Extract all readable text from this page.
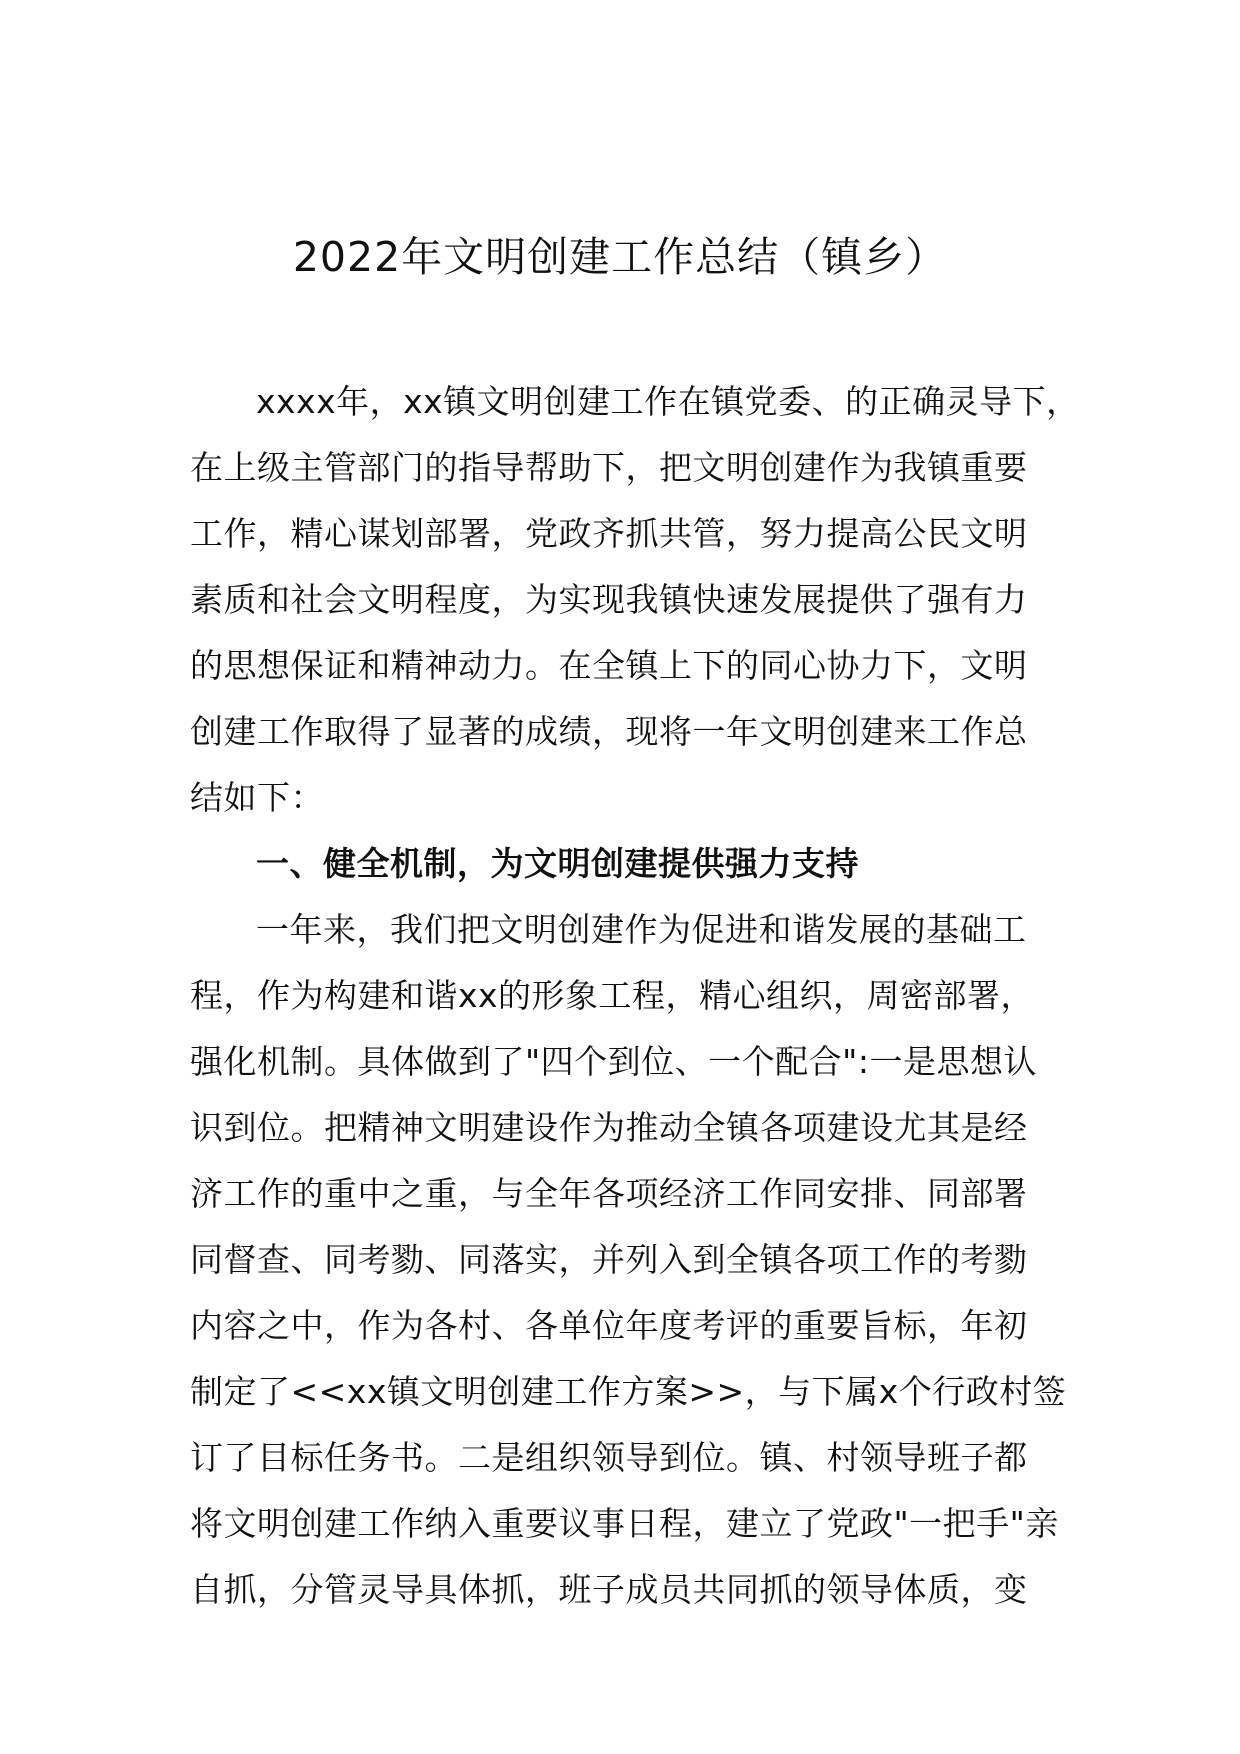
2022年文明创建工作总结（镇乡）
xxxx年，xx镇文明创建工作在镇党委、的正确灵导下，
在上级主管部门的指导帮助下，把文明创建作为我镇重要
工作，精心谋划部署，党政齐抓共管，努力提高公民文明
素质和社会文明程度，为实现我镇快速发展提供了强有力
的思想保证和精神动力。在全镇上下的同心协力下，文明
创建工作取得了显著的成绩，现将一年文明创建来工作总
结如下：
一、健全机制，为文明创建提供强力支持
一年来，我们把文明创建作为促进和谐发展的基础工
程，作为构建和谐xx的形象工程，精心组织，周密部署，
强化机制。具体做到了"四个到位、一个配合":一是思想认
识到位。把精神文明建设作为推动全镇各项建设尤其是经
济工作的重中之重，与全年各项经济工作同安排、同部署
同督查、同考勠、同落实，并列入到全镇各项工作的考勠
内容之中，作为各村、各单位年度考评的重要旨标，年初
制定了<<xx镇文明创建工作方案>>，与下属x个行政村签
订了目标任务书。二是组织领导到位。镇、村领导班子都
将文明创建工作纳入重要议事日程，建立了党政"一把手"亲
自抓，分管灵导具体抓，班子成员共同抓的领导体质，变
